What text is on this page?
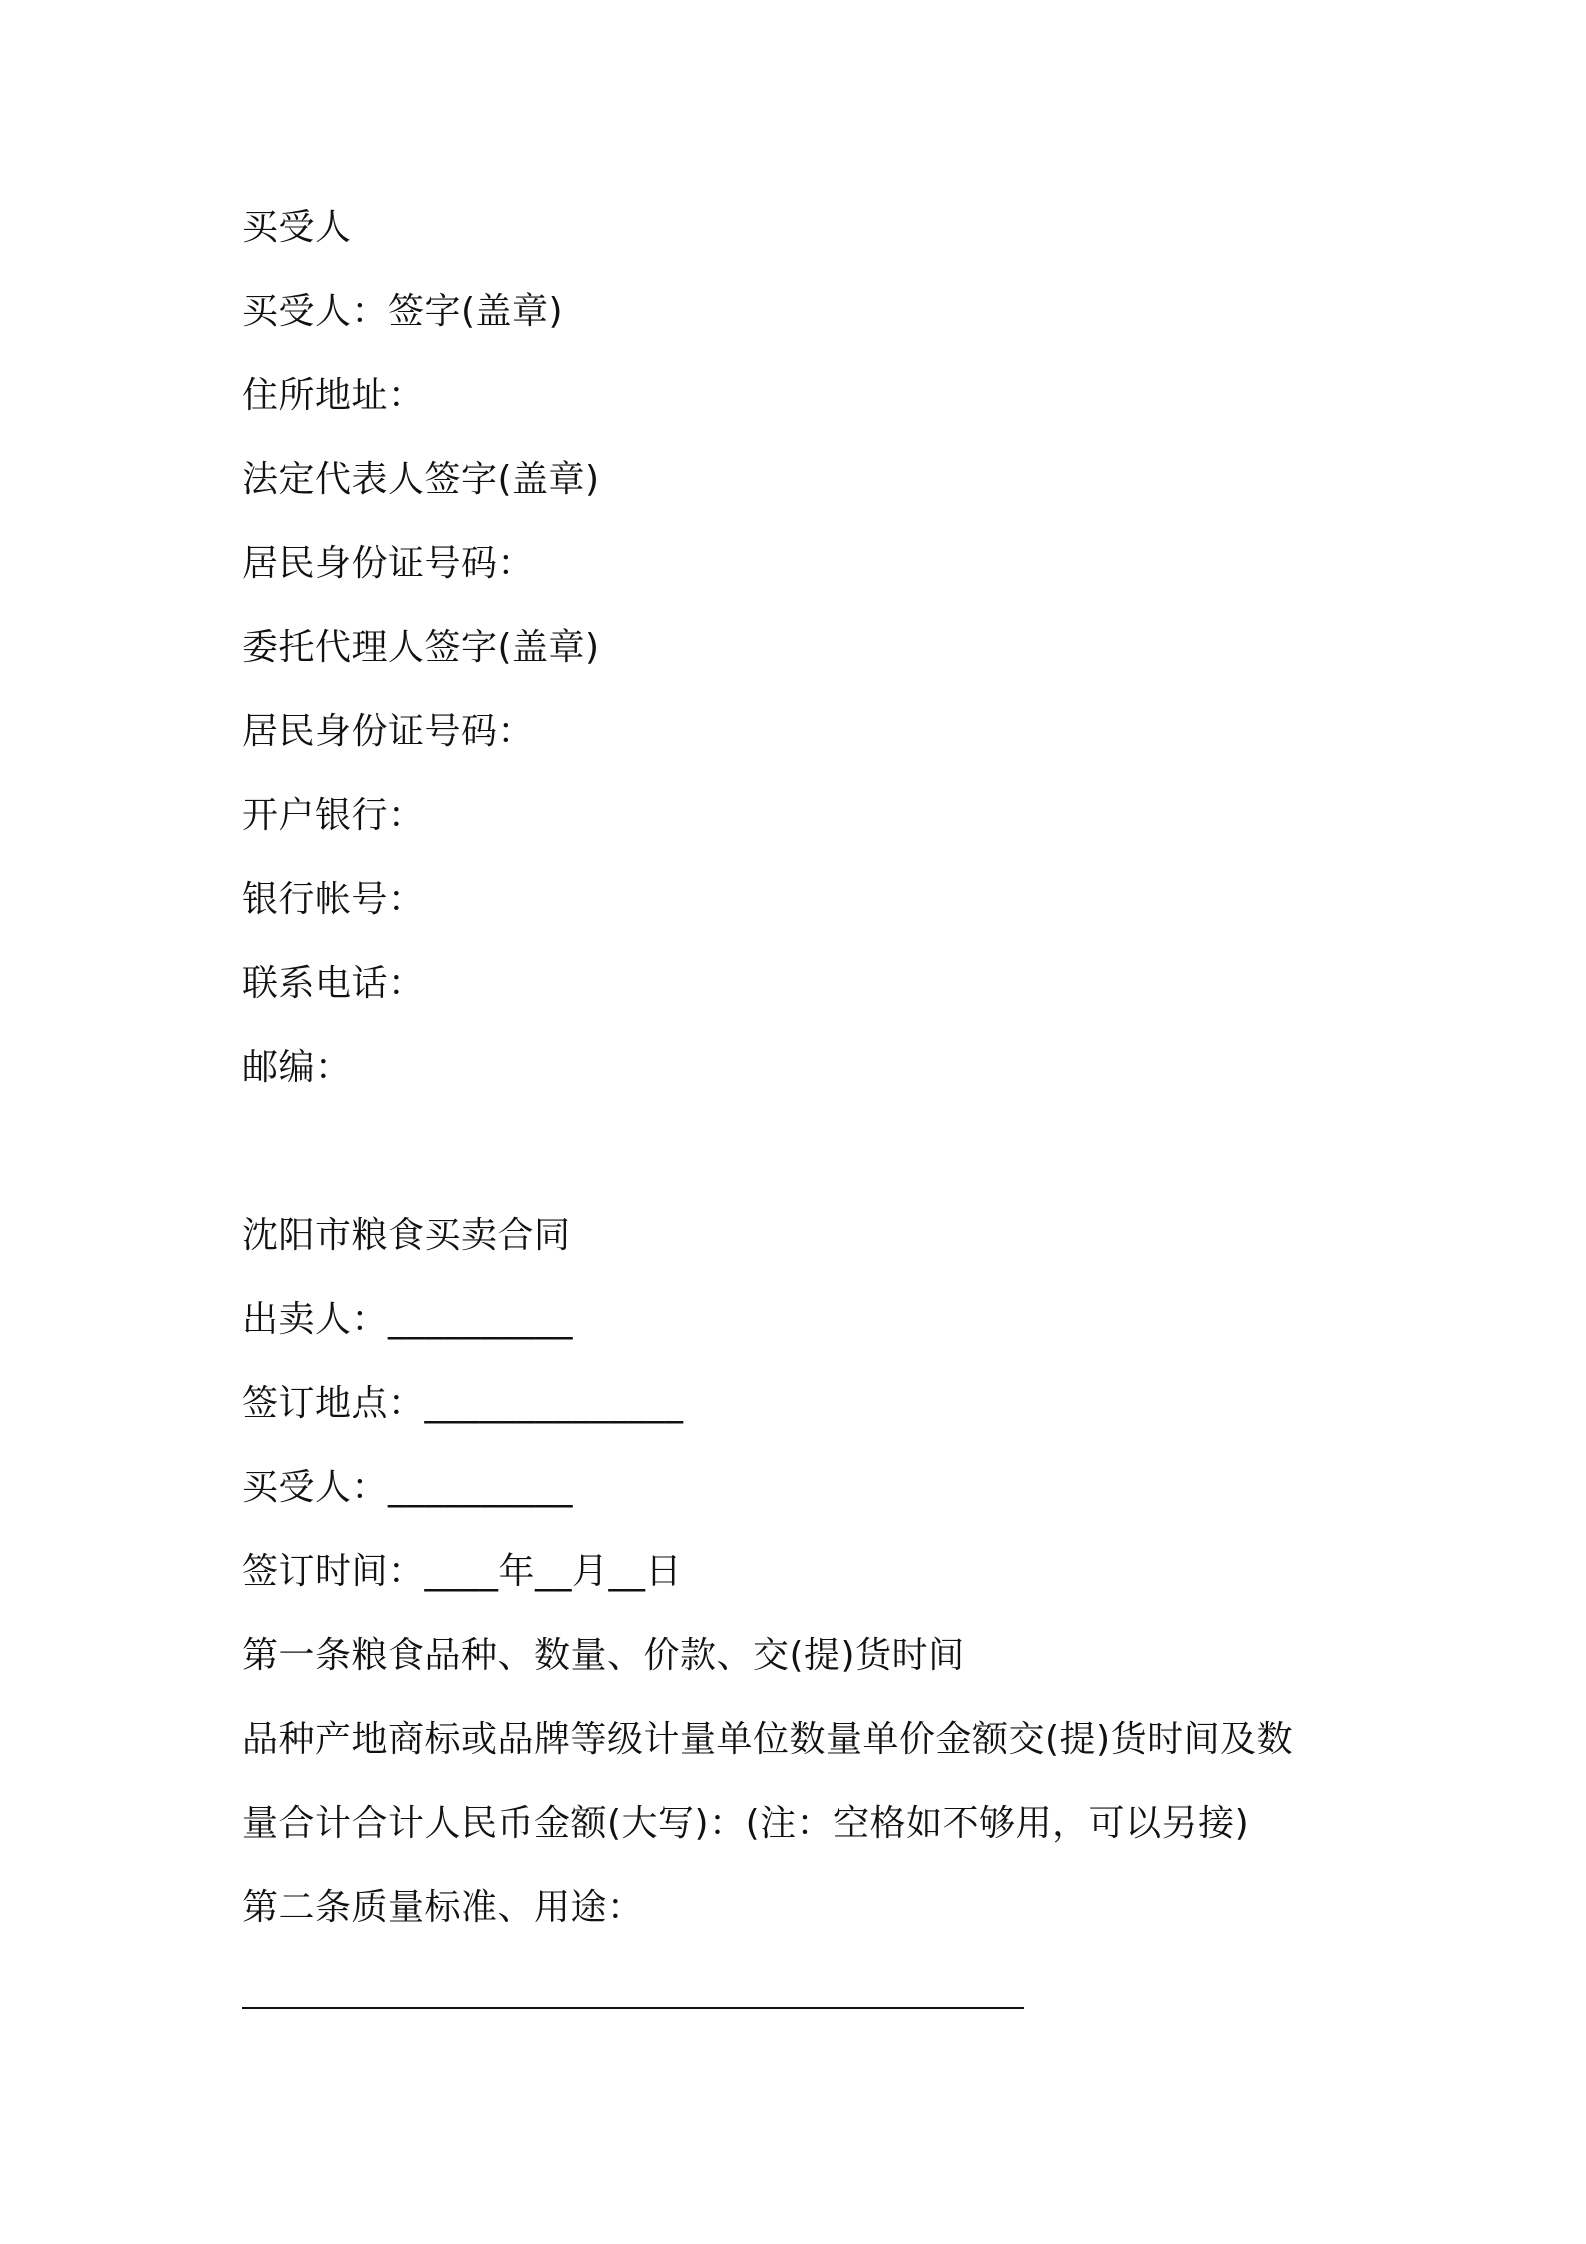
买受人
买受人：签字(盖章)
住所地址：
法定代表人签字(盖章)
居民身份证号码：
委托代理人签字(盖章)
居民身份证号码：
开户银行：
银行帐号：
联系电话：
邮编：
沈阳市粮食买卖合同
出卖人：__________
签订地点：______________
买受人：__________
签订时间：____年__月__日
第一条粮食品种、数量、价款、交(提)货时间
品种产地商标或品牌等级计量单位数量单价金额交(提)货时间及数
量合计合计人民币金额(大写)：(注：空格如不够用，可以另接)
第二条质量标准、用途：
